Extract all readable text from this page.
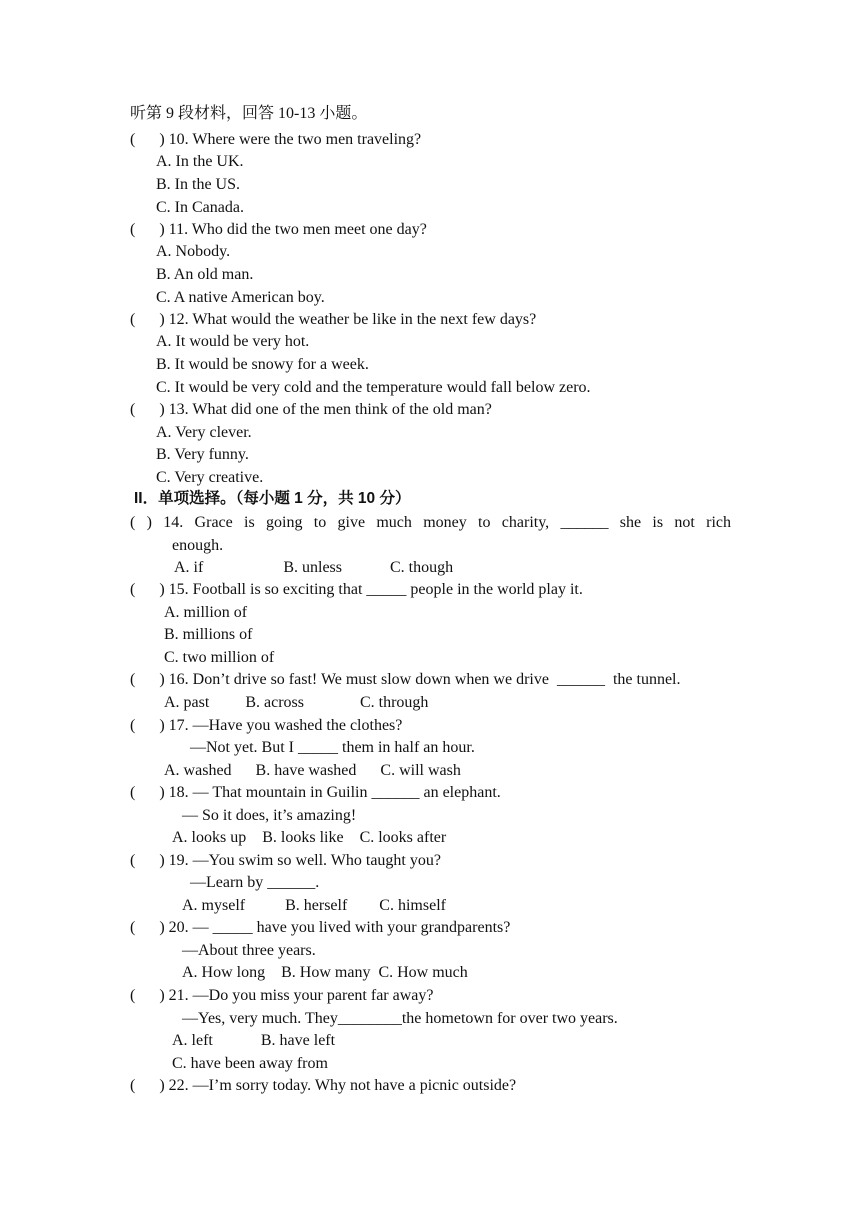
听第 9 段材料，回答 10-13 小题。
(      ) 10. Where were the two men traveling?
A. In the UK.
B. In the US.
C. In Canada.
(      ) 11. Who did the two men meet one day?
A. Nobody.
B. An old man.
C. A native American boy.
(      ) 12. What would the weather be like in the next few days?
A. It would be very hot.
B. It would be snowy for a week.
C. It would be very cold and the temperature would fall below zero.
(      ) 13. What did one of the men think of the old man?
A. Very clever.
B. Very funny.
C. Very creative.
II．单项选择。（每小题 1 分，共 10 分）
( ) 14. Grace is going to give much money to charity, ______ she is not rich
enough.
A. if                    B. unless            C. though
(      ) 15. Football is so exciting that _____ people in the world play it.
A. million of
B. millions of
C. two million of
(      ) 16. Don’t drive so fast! We must slow down when we drive  ______  the tunnel.
A. past         B. across              C. through
(      ) 17. —Have you washed the clothes?
—Not yet. But I _____ them in half an hour.
A. washed      B. have washed      C. will wash
(      ) 18. — That mountain in Guilin ______ an elephant.
— So it does, it’s amazing!
A. looks up    B. looks like    C. looks after
(      ) 19. —You swim so well. Who taught you?
—Learn by ______.
A. myself          B. herself        C. himself
(      ) 20. — _____ have you lived with your grandparents?
—About three years.
A. How long    B. How many  C. How much
(      ) 21. —Do you miss your parent far away?
—Yes, very much. They________the hometown for over two years.
A. left            B. have left
C. have been away from
(      ) 22. —I’m sorry today. Why not have a picnic outside?
